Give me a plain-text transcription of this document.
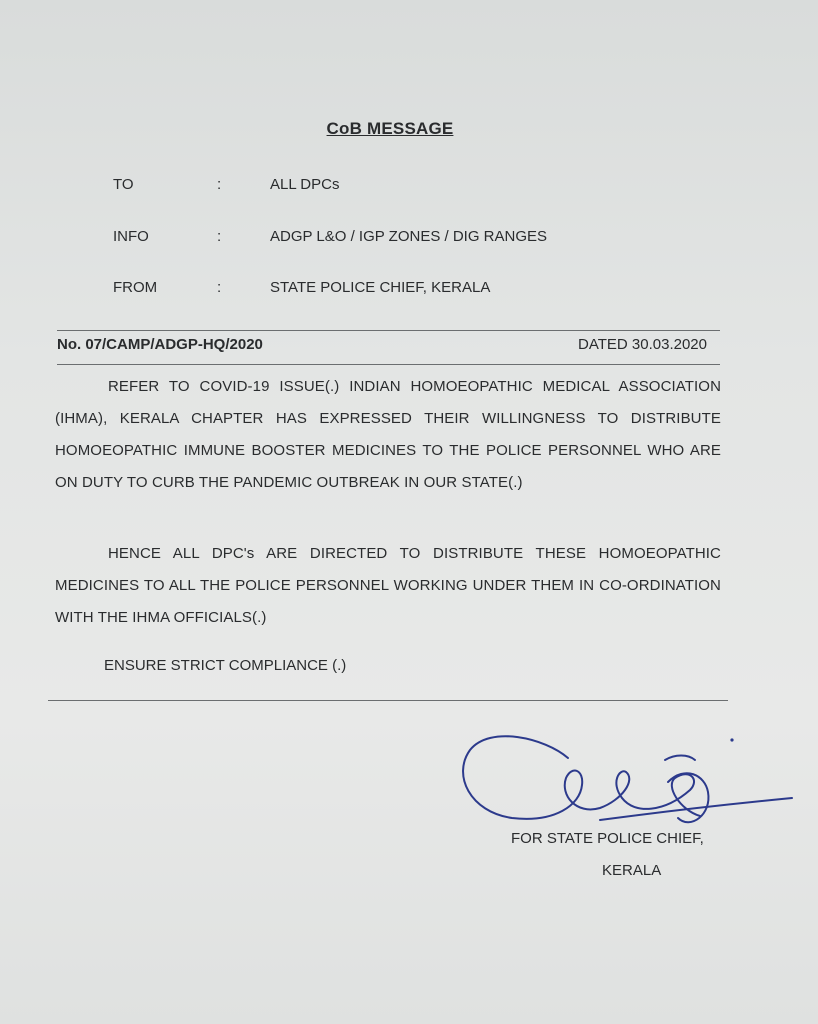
CoB MESSAGE
TO	:	ALL DPCs
INFO	:	ADGP L&O / IGP ZONES / DIG RANGES
FROM	:	STATE POLICE CHIEF, KERALA
No. 07/CAMP/ADGP-HQ/2020	DATED 30.03.2020
REFER TO COVID-19 ISSUE(.) INDIAN HOMOEOPATHIC MEDICAL ASSOCIATION (IHMA), KERALA CHAPTER HAS EXPRESSED THEIR WILLINGNESS TO DISTRIBUTE HOMOEOPATHIC IMMUNE BOOSTER MEDICINES TO THE POLICE PERSONNEL WHO ARE ON DUTY TO CURB THE PANDEMIC OUTBREAK IN OUR STATE(.)
HENCE ALL DPC's ARE DIRECTED TO DISTRIBUTE THESE HOMOEOPATHIC MEDICINES TO ALL THE POLICE PERSONNEL WORKING UNDER THEM IN CO-ORDINATION WITH THE IHMA OFFICIALS(.)
ENSURE STRICT COMPLIANCE (.)
FOR STATE POLICE CHIEF,
KERALA
